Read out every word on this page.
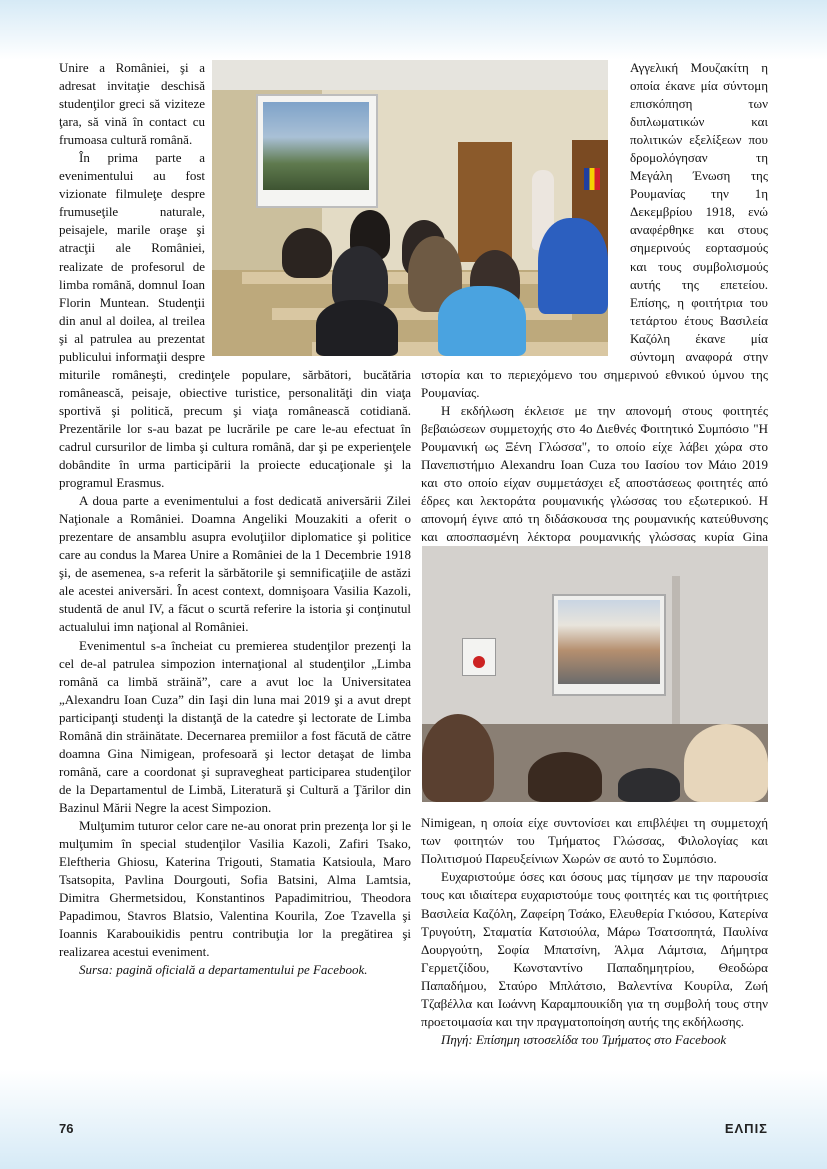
Unire a României, şi a adresat invitaţie deschisă studenţilor greci să viziteze ţara, să vină în contact cu frumoasa cultură română.

În prima parte a evenimentului au fost vizionate filmuleţe despre frumuseţile naturale, peisajele, marile oraşe şi atracţii ale României, realizate de profesorul de limba română, domnul Ioan Florin Muntean. Studenţii din anul al doilea, al treilea şi al patrulea au prezentat publicului informaţii despre miturile româneşti, credinţele populare, sărbători, bucătăria românească, peisaje, obiective turistice, personalităţi din viaţa sportivă şi politică, precum şi viaţa românească cotidiană. Prezentările lor s-au bazat pe lucrările pe care le-au efectuat în cadrul cursurilor de limba şi cultura română, dar şi pe experienţele dobândite în urma participării la proiecte educaţionale şi la programul Erasmus.

A doua parte a evenimentului a fost dedicată aniversării Zilei Naţionale a României. Doamna Angeliki Mouzakiti a oferit o prezentare de ansamblu asupra evoluţiilor diplomatice şi politice care au condus la Marea Unire a României de la 1 Decembrie 1918 şi, de asemenea, s-a referit la sărbătorile şi semnificaţiile de astăzi ale acestei aniversări. În acest context, domnişoara Vasilia Kazoli, studentă de anul IV, a făcut o scurtă referire la istoria şi conţinutul actualului imn naţional al României.

Evenimentul s-a încheiat cu premierea studenţilor prezenţi la cel de-al patrulea simpozion internaţional al studenţilor „Limba română ca limbă străină”, care a avut loc la Universitatea „Alexandru Ioan Cuza” din Iaşi din luna mai 2019 şi a avut drept participanţi studenţi la distanţă de la catedre şi lectorate de Limba Română din străinătate. Decernarea premiilor a fost făcută de către doamna Gina Nimigean, profesoară şi lector detaşat de limba română, care a coordonat şi supravegheat participarea studenţilor de la Departamentul de Limbă, Literatură şi Cultură a Ţărilor din Bazinul Mării Negre la acest Simpozion.

Mulţumim tuturor celor care ne-au onorat prin prezenţa lor şi le mulţumim în special studenţilor Vasilia Kazoli, Zafiri Tsako, Eleftheria Ghiosu, Katerina Trigouti, Stamatia Katsioula, Maro Tsatsopita, Pavlina Dourgouti, Sofia Batsini, Alma Lamtsia, Dimitra Ghermetsidou, Konstantinos Papadimitriou, Theodora Papadimou, Stavros Blatsio, Valentina Kourila, Zoe Tzavella şi Ioannis Karabouikidis pentru contribuţia lor la pregătirea şi realizarea acestui eveniment.

Sursa: pagină oficială a departamentului pe Facebook.

Αγγελική Μουζακίτη η οποία έκανε μία σύντομη επισκόπηση των διπλωματικών και πολιτικών εξελίξεων που δρομολόγησαν τη Μεγάλη Ένωση της Ρουμανίας την 1η Δεκεμβρίου 1918, ενώ αναφέρθηκε και στους σημερινούς εορτασμούς και τους συμβολισμούς αυτής της επετείου. Επίσης, η φοιτήτρια του τετάρτου έτους Βασιλεία Καζόλη έκανε μία σύντομη αναφορά στην ιστορία και το περιεχόμενο του σημερινού εθνικού ύμνου της Ρουμανίας.

Η εκδήλωση έκλεισε με την απονομή στους φοιτητές βεβαιώσεων συμμετοχής στο 4ο Διεθνές Φοιτητικό Συμπόσιο "Η Ρουμανική ως Ξένη Γλώσσα", το οποίο είχε λάβει χώρα στο Πανεπιστήμιο Alexandru Ioan Cuza του Ιασίου τον Μάιο 2019 και στο οποίο είχαν συμμετάσχει εξ αποστάσεως φοιτητές από έδρες και λεκτοράτα ρουμανικής γλώσσας του εξωτερικού. Η απονομή έγινε από τη διδάσκουσα της ρουμανικής κατεύθυνσης και αποσπασμένη λέκτορα ρουμανικής γλώσσας κυρία Gina
Nimigean, η οποία είχε συντονίσει και επιβλέψει τη συμμετοχή των φοιτητών του Τμήματος Γλώσσας, Φιλολογίας και Πολιτισμού Παρευξείνιων Χωρών σε αυτό το Συμπόσιο.

Ευχαριστούμε όσες και όσους μας τίμησαν με την παρουσία τους και ιδιαίτερα ευχαριστούμε τους φοιτητές και τις φοιτήτριες Βασιλεία Καζόλη, Ζαφείρη Τσάκο, Ελευθερία Γκιόσου, Κατερίνα Τρυγούτη, Σταματία Κατσιούλα, Μάρω Τσατσοπητά, Παυλίνα Δουργούτη, Σοφία Μπατσίνη, Άλμα Λάμτσια, Δήμητρα Γερμετζίδου, Κωνσταντίνο Παπαδημητρίου, Θεοδώρα Παπαδήμου, Σταύρο Μπλάτσιο, Βαλεντίνα Κουρίλα, Ζωή Τζαβέλλα και Ιωάννη Καραμπουικίδη για τη συμβολή τους στην προετοιμασία και την πραγματοποίηση αυτής της εκδήλωσης.

Πηγή: Επίσημη ιστοσελίδα του Τμήματος στο Facebook

76	ΕΛΠΙΣ
